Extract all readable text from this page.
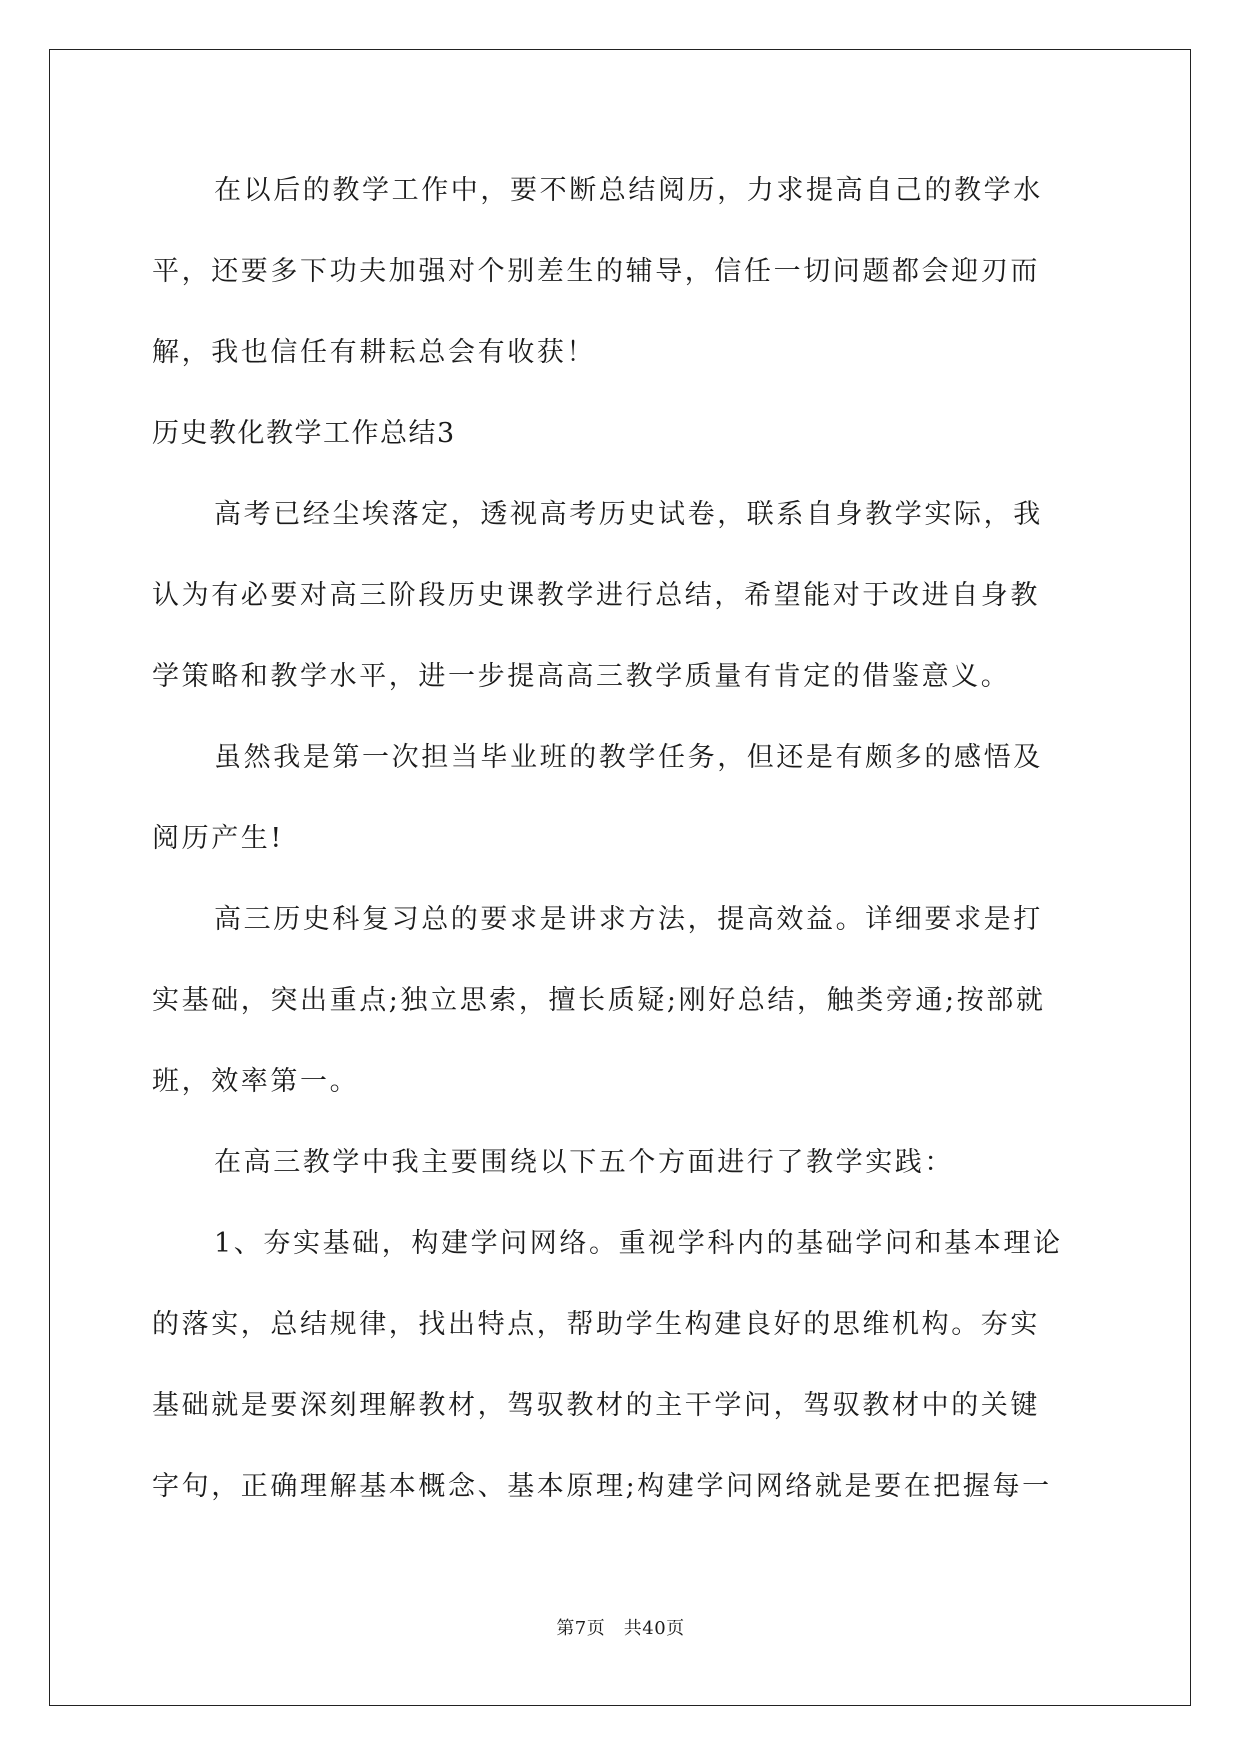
在以后的教学工作中，要不断总结阅历，力求提高自己的教学水
平，还要多下功夫加强对个别差生的辅导，信任一切问题都会迎刃而
解，我也信任有耕耘总会有收获！
历史教化教学工作总结3
高考已经尘埃落定，透视高考历史试卷，联系自身教学实际，我
认为有必要对高三阶段历史课教学进行总结，希望能对于改进自身教
学策略和教学水平，进一步提高高三教学质量有肯定的借鉴意义。
虽然我是第一次担当毕业班的教学任务，但还是有颇多的感悟及
阅历产生!
高三历史科复习总的要求是讲求方法，提高效益。详细要求是打
实基础，突出重点;独立思索，擅长质疑;刚好总结，触类旁通;按部就
班，效率第一。
在高三教学中我主要围绕以下五个方面进行了教学实践：
1、夯实基础，构建学问网络。重视学科内的基础学问和基本理论
的落实，总结规律，找出特点，帮助学生构建良好的思维机构。夯实
基础就是要深刻理解教材，驾驭教材的主干学问，驾驭教材中的关键
字句，正确理解基本概念、基本原理;构建学问网络就是要在把握每一
第7页　共40页
